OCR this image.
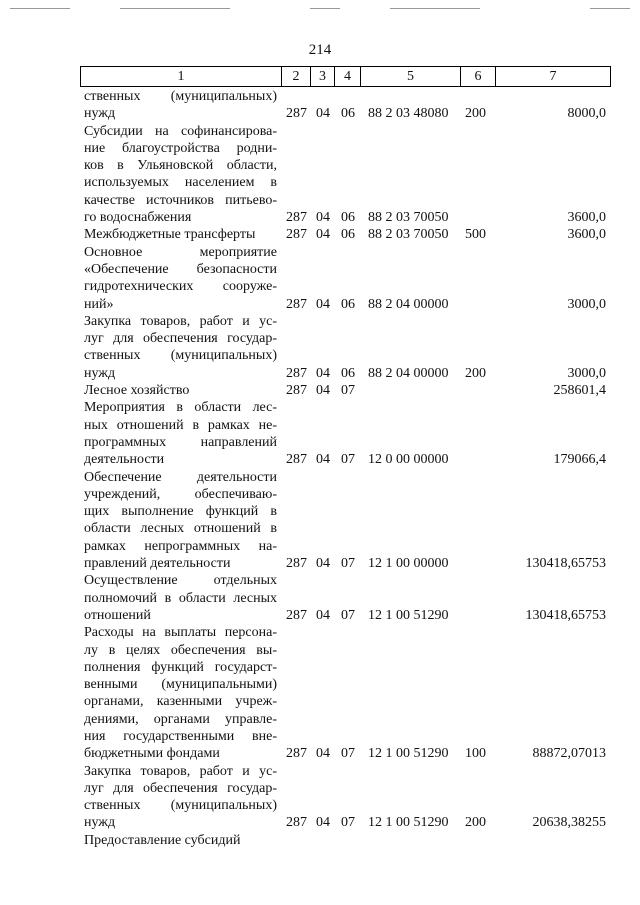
214
1	2	3	4	5	6	7
ственных (муниципальных)
нужд	287 04 06 88 2 03 48080 200	8000,0
Субсидии на софинансирова-
ние благоустройства родни-
ков в Ульяновской области,
используемых населением в
качестве источников питьево-
го водоснабжения	287 04 06 88 2 03 70050	3600,0
Межбюджетные трансферты	287 04 06 88 2 03 70050 500	3600,0
Основное мероприятие
«Обеспечение безопасности
гидротехнических сооруже-
ний»	287 04 06 88 2 04 00000	3000,0
Закупка товаров, работ и ус-
луг для обеспечения государ-
ственных (муниципальных)
нужд	287 04 06 88 2 04 00000 200	3000,0
Лесное хозяйство	287 04 07	258601,4
Мероприятия в области лес-
ных отношений в рамках не-
программных направлений
деятельности	287 04 07 12 0 00 00000	179066,4
Обеспечение деятельности
учреждений, обеспечиваю-
щих выполнение функций в
области лесных отношений в
рамках непрограммных на-
правлений деятельности	287 04 07 12 1 00 00000	130418,65753
Осуществление отдельных
полномочий в области лесных
отношений	287 04 07 12 1 00 51290	130418,65753
Расходы на выплаты персона-
лу в целях обеспечения вы-
полнения функций государст-
венными (муниципальными)
органами, казенными учреж-
дениями, органами управле-
ния государственными вне-
бюджетными фондами	287 04 07 12 1 00 51290 100	88872,07013
Закупка товаров, работ и ус-
луг для обеспечения государ-
ственных (муниципальных)
нужд	287 04 07 12 1 00 51290 200	20638,38255
Предоставление субсидий
